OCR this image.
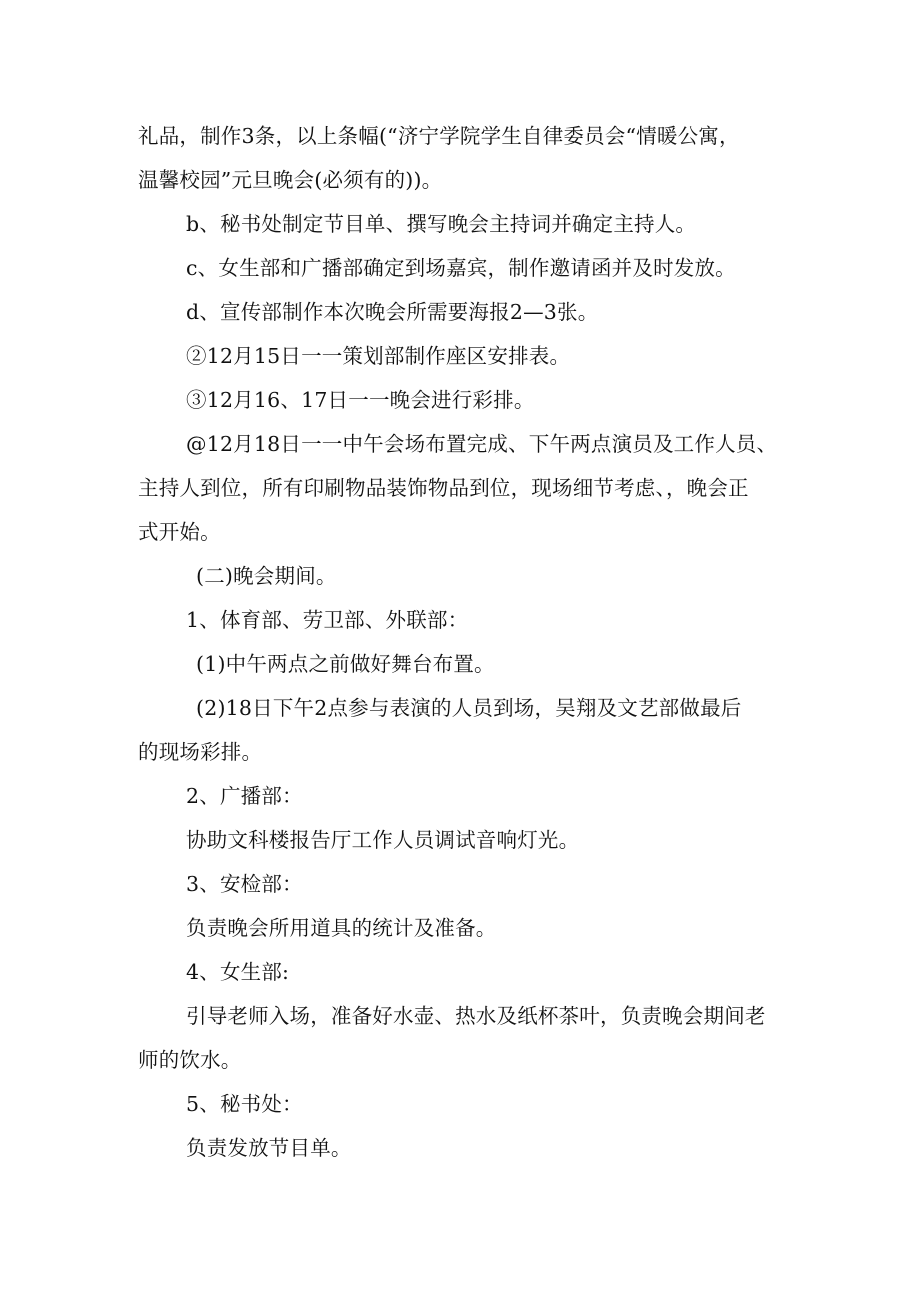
礼品，制作3条，以上条幅(“济宁学院学生自律委员会“情暖公寓，
温馨校园”元旦晚会(必须有的))。
b、秘书处制定节目单、撰写晚会主持词并确定主持人。
c、女生部和广播部确定到场嘉宾，制作邀请函并及时发放。
d、宣传部制作本次晚会所需要海报2—3张。
②12月15日一一策划部制作座区安排表。
③12月16、17日一一晚会进行彩排。
@12月18日一一中午会场布置完成、下午两点演员及工作人员、
主持人到位，所有印刷物品装饰物品到位，现场细节考虑、，晚会正
式开始。
(二)晚会期间。
1、体育部、劳卫部、外联部：
(1)中午两点之前做好舞台布置。
(2)18日下午2点参与表演的人员到场，吴翔及文艺部做最后
的现场彩排。
2、广播部：
协助文科楼报告厅工作人员调试音响灯光。
3、安检部：
负责晚会所用道具的统计及准备。
4、女生部:
引导老师入场，准备好水壶、热水及纸杯茶叶，负责晚会期间老
师的饮水。
5、秘书处：
负责发放节目单。
